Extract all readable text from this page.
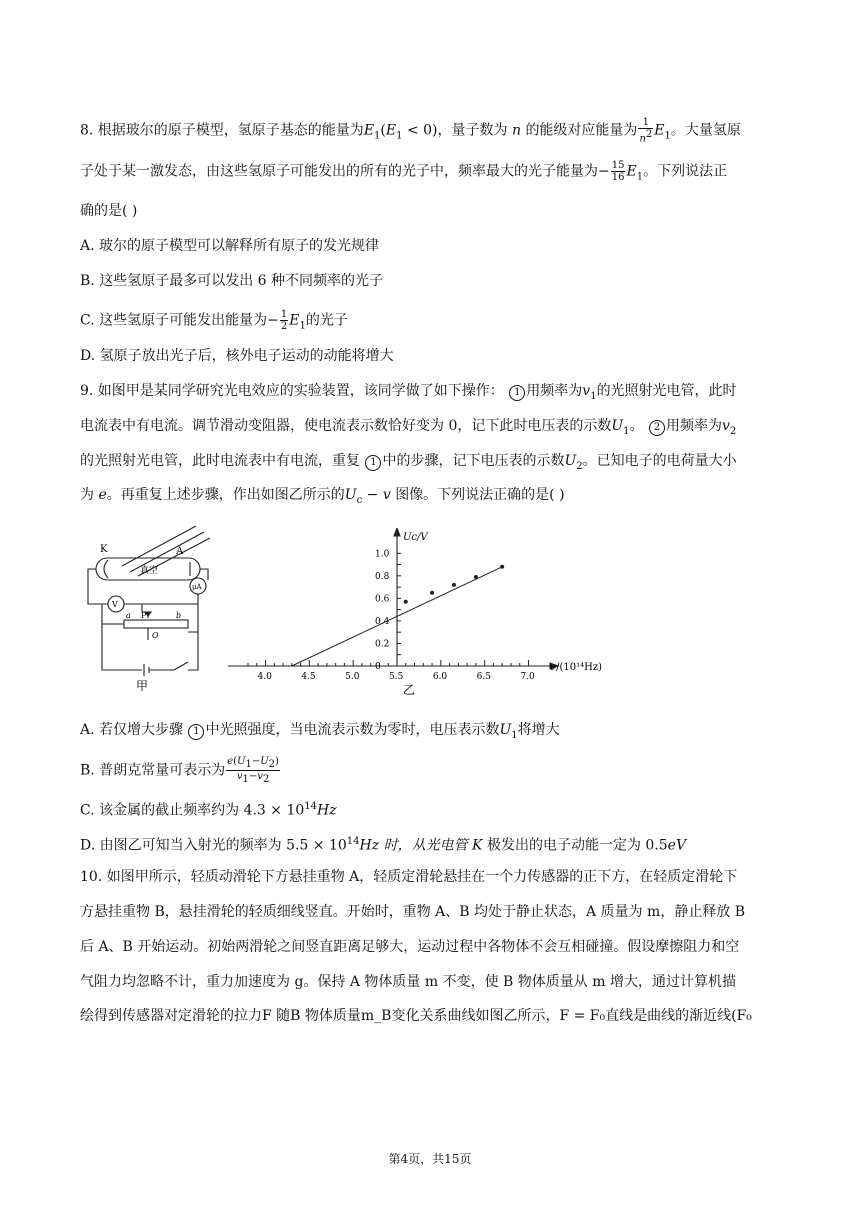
8. 根据玻尔的原子模型，氢原子基态的能量为$E_1(E_1 < 0)$，量子数为 n 的能级对应能量为 $\frac{1}{n^2} E_1$。大量氢原
子处于某一激发态，由这些氢原子可能发出的所有的光子中，频率最大的光子能量为− $\frac{15}{16} E_1$。下列说法正
确的是( )
A. 玻尔的原子模型可以解释所有原子的发光规律
B. 这些氢原子最多可以发出 6 种不同频率的光子
C. 这些氢原子可能发出能量为− $\frac{1}{2} E_1$的光子
D. 氢原子放出光子后，核外电子运动的动能将增大
9. 如图甲是某同学研究光电效应的实验装置，该同学做了如下操作： 1 用频率为$v_1$的光照射光电管，此时
电流表中有电流。调节滑动变阻器，使电流表示数恰好变为 0，记下此时电压表的示数$U_1$。 2 用频率为$v_2$
的光照射光电管，此时电流表中有电流，重复 1 中的步骤，记下电压表的示数$U_2$。已知电子的电荷量大小
为 e。再重复上述步骤，作出如图乙所示的$U_c - v$ 图像。下列说法正确的是( )
K	A
真空
μA
V
P
a	b
O
甲
4.0	4.5	5.0	5.5	6.0	6.5	7.0
0
0.2
0.4
0.6
0.8
1.0
Uc/V
ν/(10¹⁴Hz)
乙
A. 若仅增大步骤 1 中光照强度，当电流表示数为零时，电压表示数$U_1$将增大
B. 普朗克常量可表示为 $\frac{e(U_1-U_2)}{v_1-v_2}$
C. 该金属的截止频率约为 $4.3 \times 10^{14}Hz$
D. 由图乙可知当入射光的频率为 $5.5 \times 10^{14}Hz$ 时，从光电管 K 极发出的电子动能一定为 0.5eV
10. 如图甲所示，轻质动滑轮下方悬挂重物 A，轻质定滑轮悬挂在一个力传感器的正下方，在轻质定滑轮下
方悬挂重物 B，悬挂滑轮的轻质细线竖直。开始时，重物 A、B 均处于静止状态，A 质量为 m，静止释放 B
后 A、B 开始运动。初始两滑轮之间竖直距离足够大，运动过程中各物体不会互相碰撞。假设摩擦阻力和空
气阻力均忽略不计，重力加速度为 g。保持 A 物体质量 m 不变，使 B 物体质量从 m 增大，通过计算机描
绘得到传感器对定滑轮的拉力F 随B 物体质量m_B变化关系曲线如图乙所示，F = F₀直线是曲线的渐近线(F₀
第4页，共15页
